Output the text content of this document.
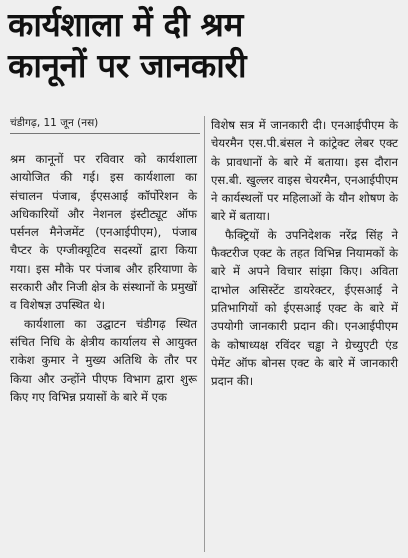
कार्यशाला में दी श्रम
कानूनों पर जानकारी
चंडीगढ़, 11 जून (नस)

श्रम कानूनों पर रविवार को कार्यशाला आयोजित की गई। इस कार्यशाला का संचालन पंजाब, ईएसआई कॉर्पोरेशन के अधिकारियों और नेशनल इंस्टीट्यूट ऑफ पर्सनल मैनेजमेंट (एनआईपीएम), पंजाब चैप्टर के एग्जीक्यूटिव सदस्यों द्वारा किया गया। इस मौके पर पंजाब और हरियाणा के सरकारी और निजी क्षेत्र के संस्थानों के प्रमुखों व विशेषज्ञ उपस्थित थे।

कार्यशाला का उद्घाटन चंडीगढ़ स्थित संचित निधि के क्षेत्रीय कार्यालय से आयुक्त राकेश कुमार ने मुख्य अतिथि के तौर पर किया और उन्होंने पीएफ विभाग द्वारा शुरू किए गए विभिन्न प्रयासों के बारे में एक

विशेष सत्र में जानकारी दी। एनआईपीएम के चेयरमैन एस.पी.बंसल ने कांट्रेक्ट लेबर एक्ट के प्रावधानों के बारे में बताया। इस दौरान एस.बी. खुल्लर वाइस चेयरमैन, एनआईपीएम ने कार्यस्थलों पर महिलाओं के यौन शोषण के बारे में बताया।

फैक्ट्रियों के उपनिदेशक नरेंद्र सिंह ने फैक्टरीज एक्ट के तहत विभिन्न नियामकों के बारे में अपने विचार सांझा किए। अविता दाभोल असिस्टेंट डायरेक्टर, ईएसआई ने प्रतिभागियों को ईएसआई एक्ट के बारे में उपयोगी जानकारी प्रदान की। एनआईपीएम के कोषाध्यक्ष रविंदर चड्ढा ने ग्रेच्युएटी एंड पेमेंट ऑफ बोनस एक्ट के बारे में जानकारी प्रदान की।
